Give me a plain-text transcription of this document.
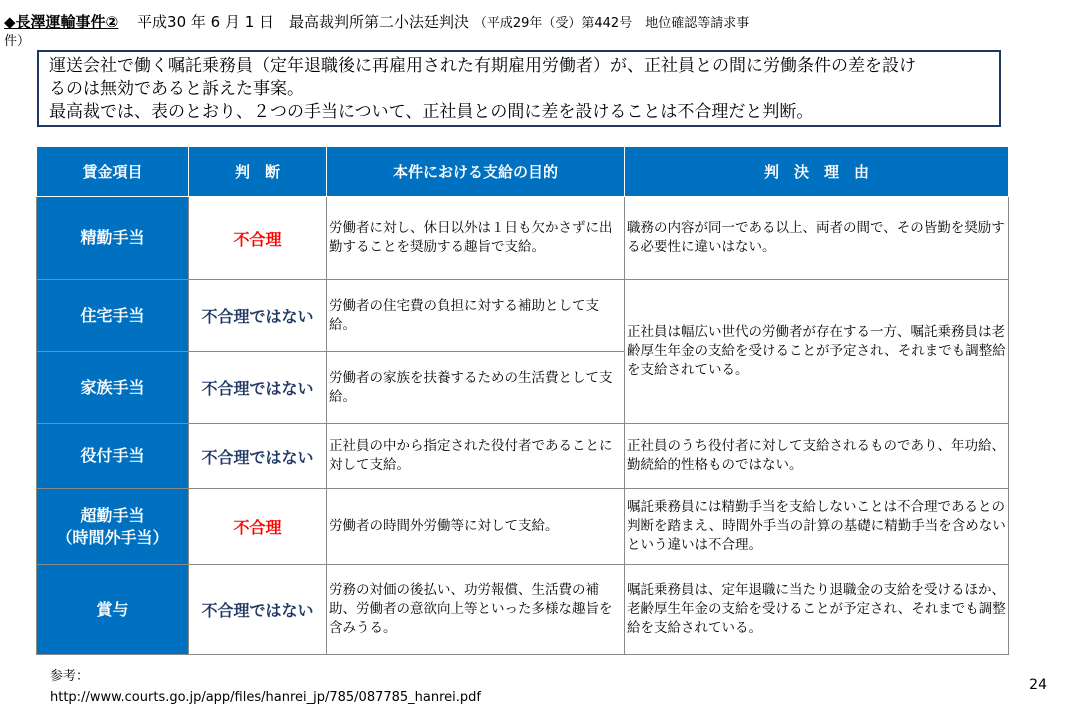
◆長澤運輸事件② 平成30 年 6 月 1 日　最高裁判所第二小法廷判決 （平成29年（受）第442号　地位確認等請求事
件）
運送会社で働く嘱託乗務員（定年退職後に再雇用された有期雇用労働者）が、正社員との間に労働条件の差を設け
るのは無効であると訴えた事案。
最高裁では、表のとおり、２つの手当について、正社員との間に差を設けることは不合理だと判断。
賃金項目	判　断	本件における支給の目的	判　決　理　由
精勤手当	不合理	労働者に対し、休日以外は１日も欠かさずに出勤することを奨励する趣旨で支給。	職務の内容が同一である以上、両者の間で、その皆勤を奨励する必要性に違いはない。
住宅手当	不合理ではない	労働者の住宅費の負担に対する補助として支給。	正社員は幅広い世代の労働者が存在する一方、嘱託乗務員は老齢厚生年金の支給を受けることが予定され、それまでも調整給を支給されている。
家族手当	不合理ではない	労働者の家族を扶養するための生活費として支給。	
役付手当	不合理ではない	正社員の中から指定された役付者であることに対して支給。	正社員のうち役付者に対して支給されるものであり、年功給、勤続給的性格ものではない。

超勤手当
（時間外手当）	不合理	労働者の時間外労働等に対して支給。	嘱託乗務員には精勤手当を支給しないことは不合理であるとの判断を踏まえ、時間外手当の計算の基礎に精勤手当を含めないという違いは不合理。
賞与	不合理ではない	労務の対価の後払い、功労報償、生活費の補助、労働者の意欲向上等といった多様な趣旨を含みうる。	嘱託乗務員は、定年退職に当たり退職金の支給を受けるほか、老齢厚生年金の支給を受けることが予定され、それまでも調整給を支給されている。
参考：
http://www.courts.go.jp/app/files/hanrei_jp/785/087785_hanrei.pdf
24
